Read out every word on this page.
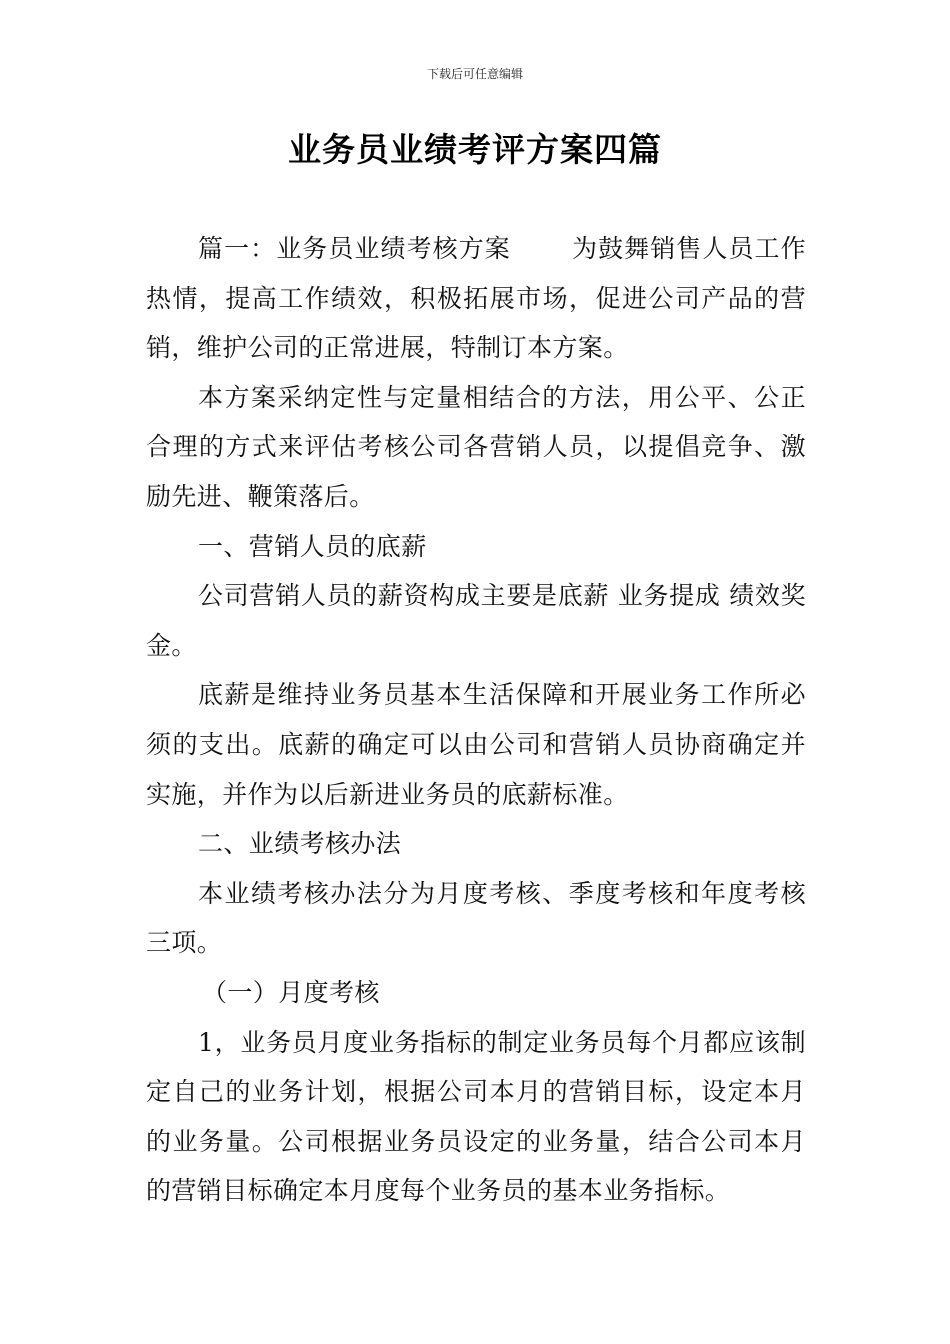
下载后可任意编辑
业务员业绩考评方案四篇

篇一：业务员业绩考核方案　　 为鼓舞销售人员工作热情，提高工作绩效，积极拓展市场，促进公司产品的营销，维护公司的正常进展，特制订本方案。

本方案采纳定性与定量相结合的方法，用公平、公正合理的方式来评估考核公司各营销人员，以提倡竞争、激励先进、鞭策落后。

一、营销人员的底薪

公司营销人员的薪资构成主要是底薪 业务提成 绩效奖金。

底薪是维持业务员基本生活保障和开展业务工作所必须的支出。底薪的确定可以由公司和营销人员协商确定并实施，并作为以后新进业务员的底薪标准。

二、业绩考核办法

本业绩考核办法分为月度考核、季度考核和年度考核三项。

（一）月度考核

1，业务员月度业务指标的制定业务员每个月都应该制定自己的业务计划，根据公司本月的营销目标，设定本月的业务量。公司根据业务员设定的业务量，结合公司本月的营销目标确定本月度每个业务员的基本业务指标。
